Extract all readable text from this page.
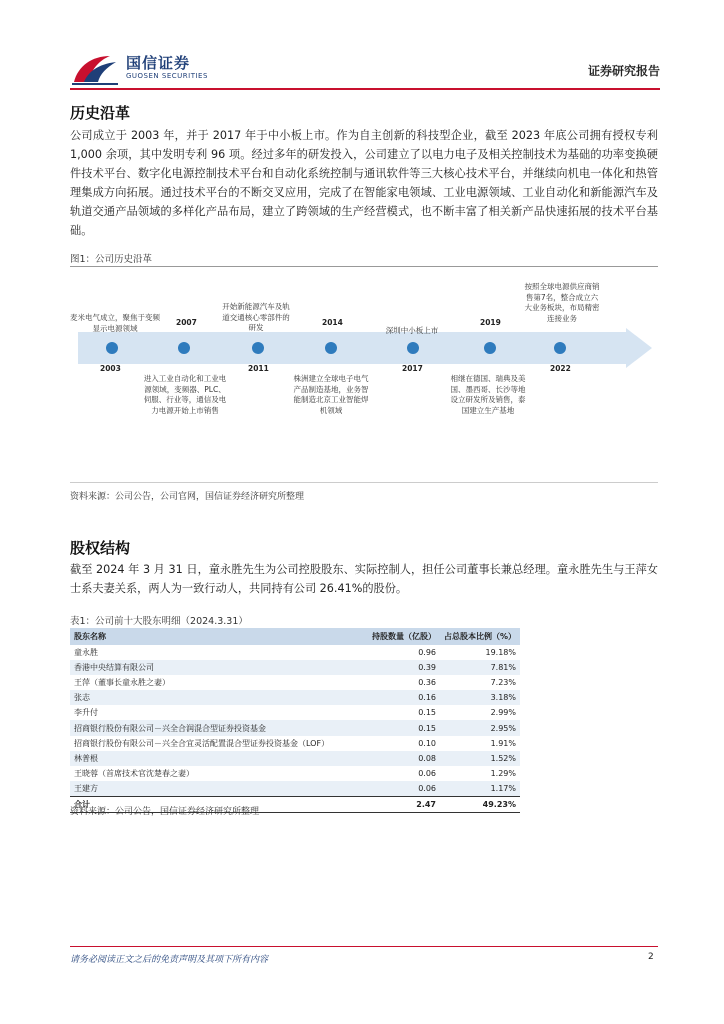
国信证券
GUOSEN SECURITIES	证券研究报告
历史沿革
公司成立于 2003 年，并于 2017 年于中小板上市。作为自主创新的科技型企业，截至 2023 年底公司拥有授权专利 1,000 余项，其中发明专利 96 项。经过多年的研发投入，公司建立了以电力电子及相关控制技术为基础的功率变换硬件技术平台、数字化电源控制技术平台和自动化系统控制与通讯软件等三大核心技术平台，并继续向机电一体化和热管理集成方向拓展。通过技术平台的不断交叉应用，完成了在智能家电领域、工业电源领域、工业自动化和新能源汽车及轨道交通产品领域的多样化产品布局，建立了跨领域的生产经营模式，也不断丰富了相关新产品快速拓展的技术平台基础。
图1：公司历史沿革
麦米电气成立，聚焦于变频显示电源领域
2003
2007
进入工业自动化和工业电源领域，变频器、PLC、伺服、行业等，通信及电力电源开始上市销售
开始新能源汽车及轨道交通核心零部件的研发
2011
2014
株洲建立全球电子电气产品制造基地，业务智能制造北京工业智能焊机领域
深圳中小板上市
2017
2019
相继在德国、瑞典及美国、墨西哥、长沙等地设立研发所及销售，泰国建立生产基地
按照全球电源供应商销售第7名，整合成立六大业务板块，布局精密连接业务
2022
资料来源：公司公告，公司官网，国信证券经济研究所整理
股权结构
截至 2024 年 3 月 31 日，童永胜先生为公司控股股东、实际控制人，担任公司董事长兼总经理。童永胜先生与王萍女士系夫妻关系，两人为一致行动人，共同持有公司 26.41%的股份。
表1：公司前十大股东明细（2024.3.31）
股东名称	持股数量（亿股）	占总股本比例（%）
童永胜	0.96	19.18%
香港中央结算有限公司	0.39	7.81%
王萍（董事长童永胜之妻）	0.36	7.23%
张志	0.16	3.18%
李升付	0.15	2.99%
招商银行股份有限公司－兴全合润混合型证券投资基金	0.15	2.95%
招商银行股份有限公司－兴全合宜灵活配置混合型证券投资基金（LOF）	0.10	1.91%
林普根	0.08	1.52%
王晓蓉（首席技术官沈楚春之妻）	0.06	1.29%
王建方	0.06	1.17%
合计	2.47	49.23%
资料来源：公司公告，国信证券经济研究所整理
请务必阅读正文之后的免责声明及其项下所有内容	2
